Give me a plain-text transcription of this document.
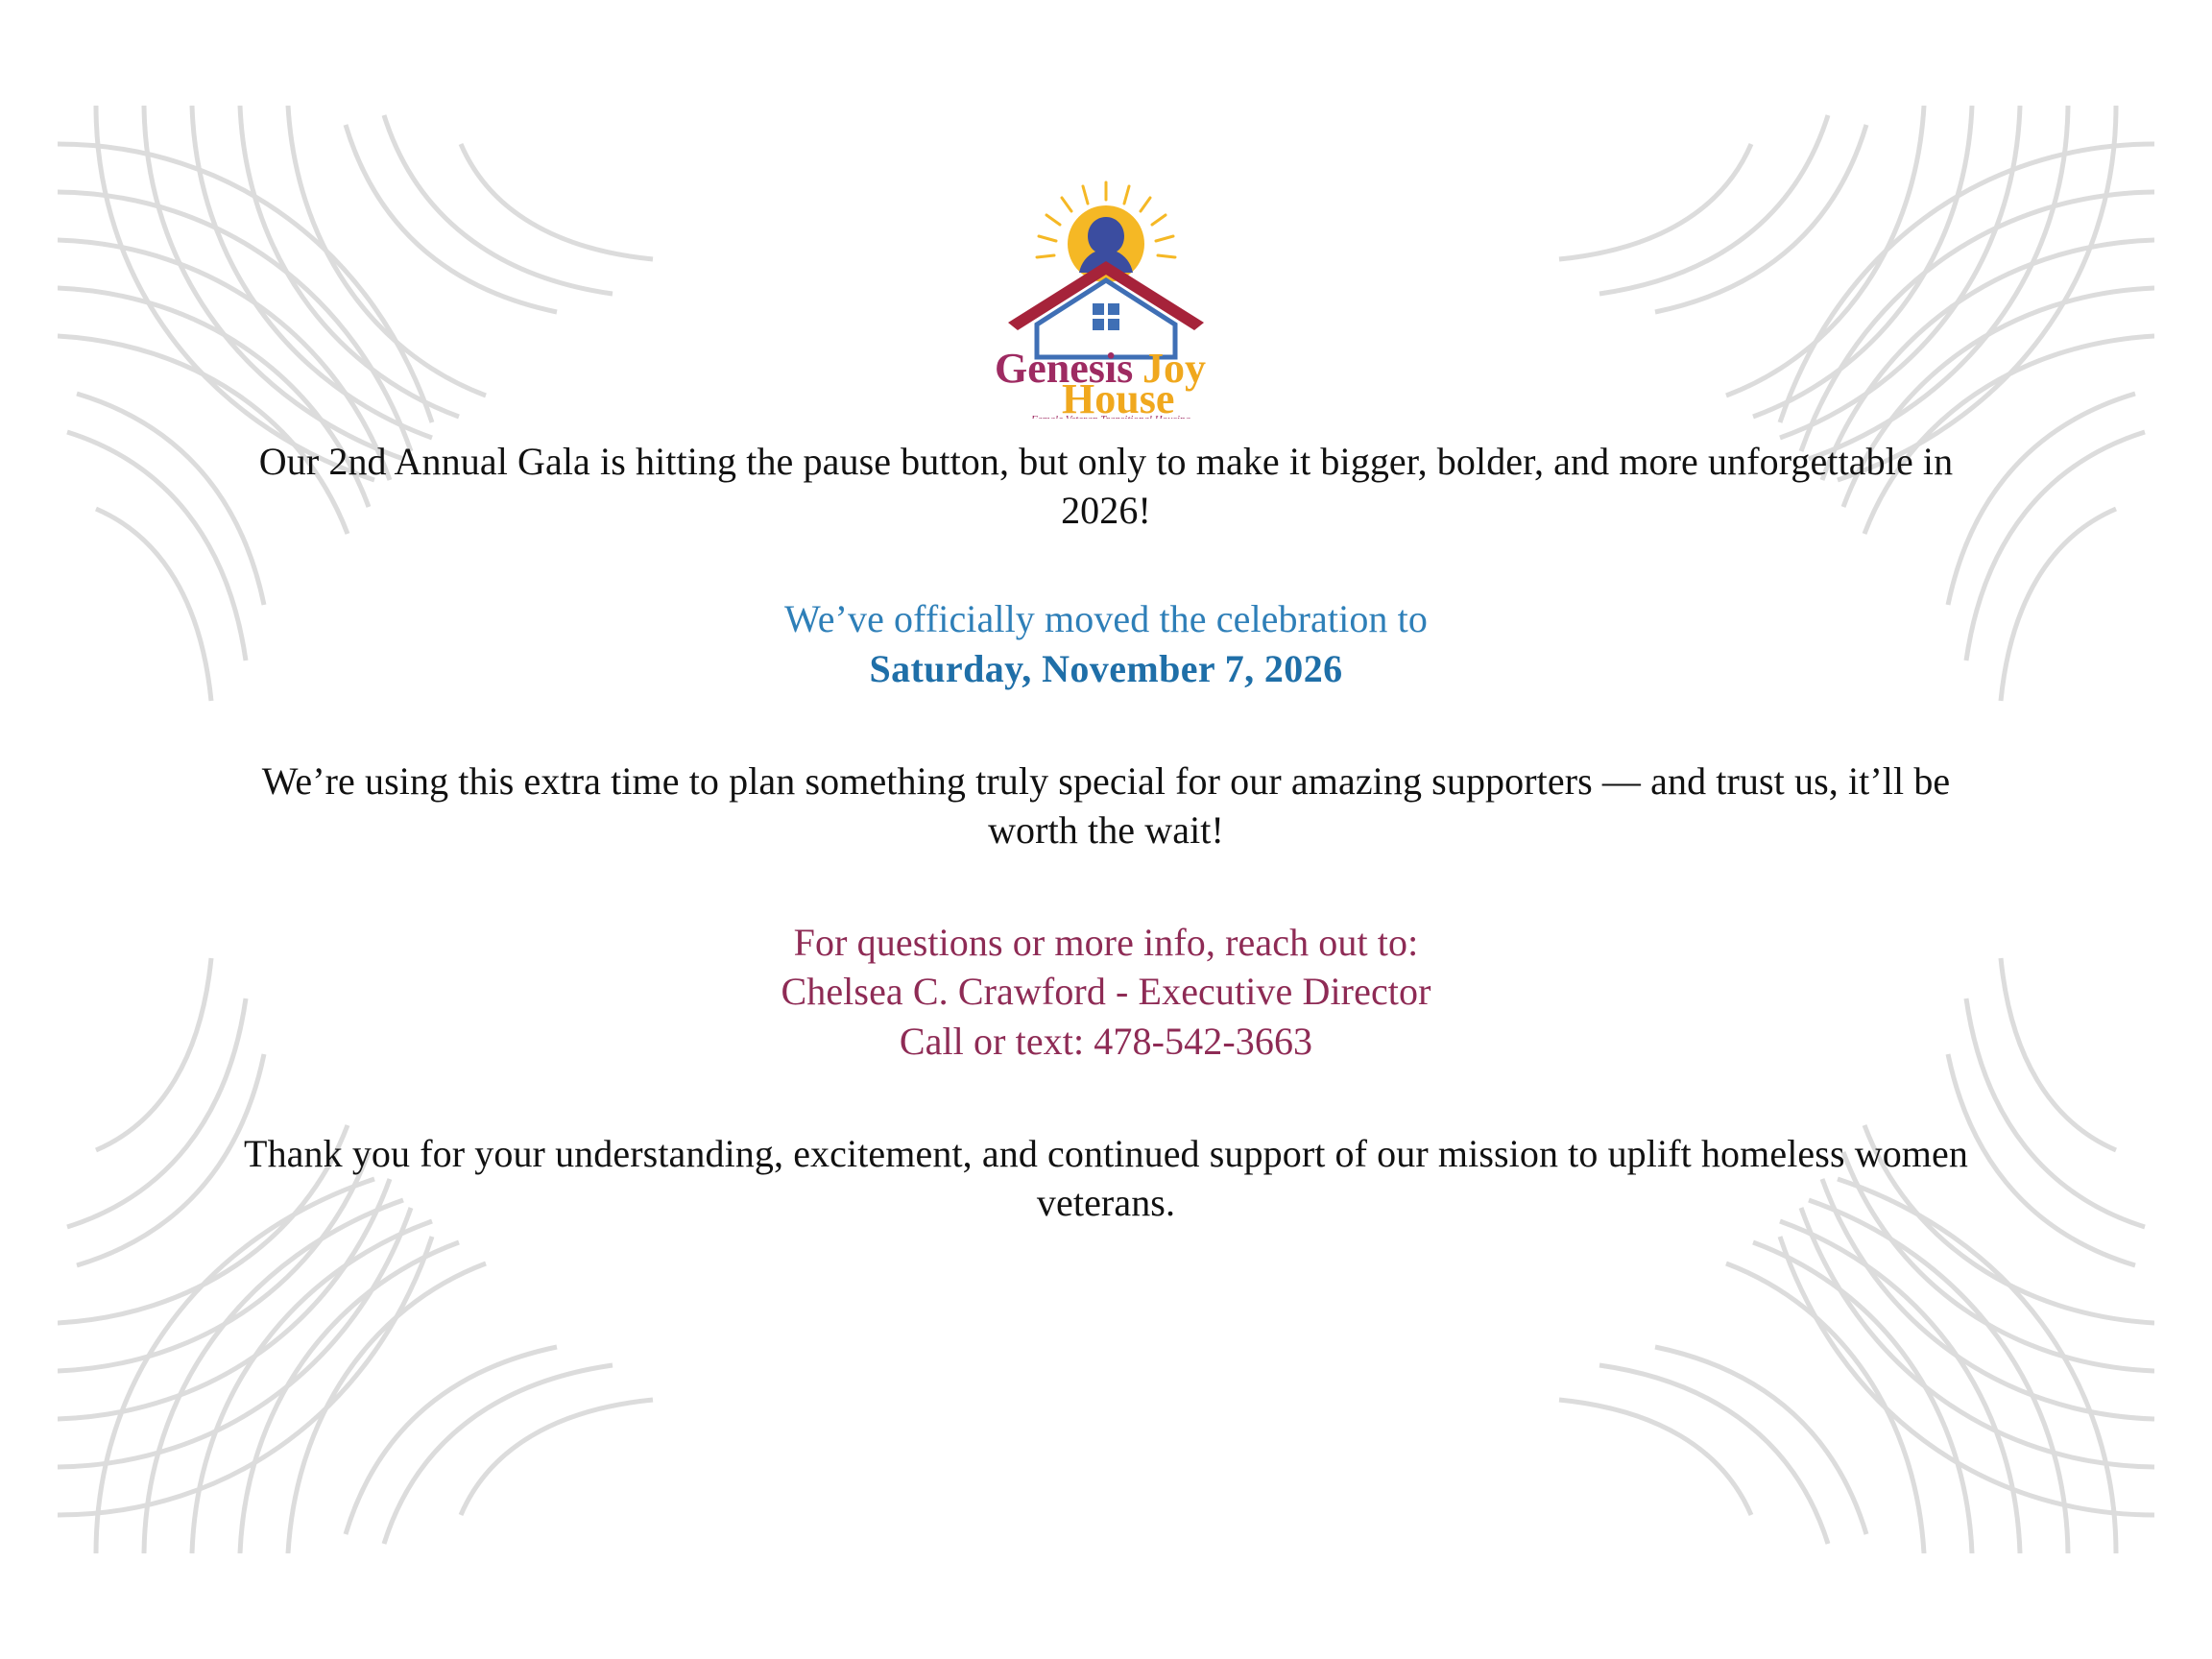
Genesis Joy
House

Our 2nd Annual Gala is hitting the pause button, but only to make it bigger, bolder, and more unforgettable in 2026!

We’ve officially moved the celebration to

Saturday, November 7, 2026

We’re using this extra time to plan something truly special for our amazing supporters — and trust us, it’ll be worth the wait!

For questions or more info, reach out to:

Chelsea C. Crawford - Executive Director

Call or text: 478-542-3663

Thank you for your understanding, excitement, and continued support of our mission to uplift homeless women veterans.
